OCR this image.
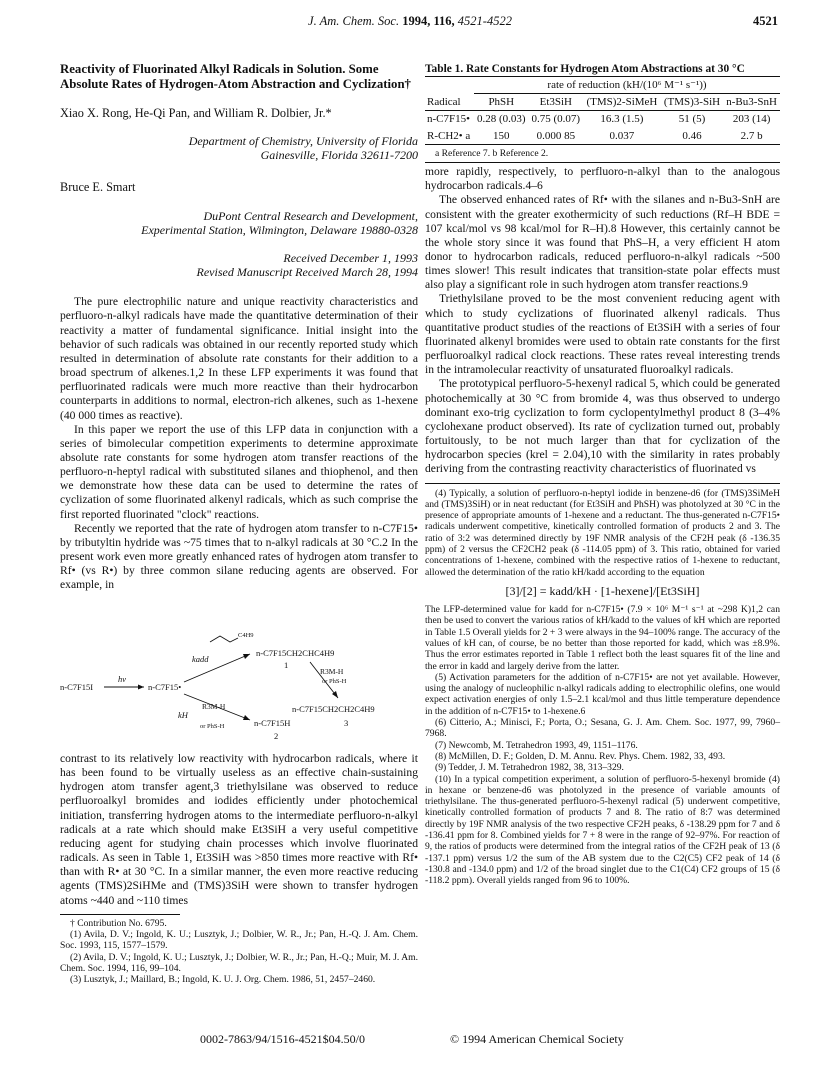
J. Am. Chem. Soc. 1994, 116, 4521-4522	4521

Reactivity of Fluorinated Alkyl Radicals in Solution. Some Absolute Rates of Hydrogen-Atom Abstraction and Cyclization†

Xiao X. Rong, He-Qi Pan, and William R. Dolbier, Jr.*

Department of Chemistry, University of Florida

Gainesville, Florida 32611-7200

Bruce E. Smart

DuPont Central Research and Development,

Experimental Station, Wilmington, Delaware 19880-0328

Received December 1, 1993

Revised Manuscript Received March 28, 1994

The pure electrophilic nature and unique reactivity characteristics and perfluoro-n-alkyl radicals have made the quantitative determination of their reactivity a matter of fundamental significance. Initial insight into the behavior of such radicals was obtained in our recently reported study which resulted in determination of absolute rate constants for their addition to a broad spectrum of alkenes.1,2 In these LFP experiments it was found that perfluorinated radicals were much more reactive than their hydrocarbon counterparts in additions to normal, electron-rich alkenes, such as 1-hexene (40 000 times as reactive).

In this paper we report the use of this LFP data in conjunction with a series of bimolecular competition experiments to determine approximate absolute rate constants for some hydrogen atom transfer reactions of the perfluoro-n-heptyl radical with substituted silanes and thiophenol, and then we demonstrate how these data can be used to determine the rates of cyclization of some fluorinated alkenyl radicals, which as such comprise the first reported fluorinated "clock" reactions.

Recently we reported that the rate of hydrogen atom transfer to n-C7F15• by tributyltin hydride was ~75 times that to n-alkyl radicals at 30 °C.2 In the present work even more greatly enhanced rates of hydrogen atom transfer to Rf• (vs R•) by three common silane reducing agents are observed. For example, in

n-C7F15I
hν
n-C7F15•
kadd
C4H9
n-C7F15CH2CHC4H9
1
R3M-H
or PhS-H
n-C7F15CH2CH2C4H9
3
kH
R3M-H
or PhS-H	n-C7F15H
2

contrast to its relatively low reactivity with hydrocarbon radicals, where it has been found to be virtually useless as an effective chain-sustaining hydrogen atom transfer agent,3 triethylsilane was observed to reduce perfluoroalkyl bromides and iodides efficiently under photochemical initiation, transferring hydrogen atoms to the intermediate perfluoro-n-alkyl radicals at a rate which should make Et3SiH a very useful competitive reducing agent for studying chain processes which involve fluorinated radicals. As seen in Table 1, Et3SiH was >850 times more reactive with Rf• than with R• at 30 °C. In a similar manner, the even more reactive reducing agents (TMS)2SiHMe and (TMS)3SiH were shown to transfer hydrogen atoms ~440 and ~110 times

† Contribution No. 6795.

(1) Avila, D. V.; Ingold, K. U.; Lusztyk, J.; Dolbier, W. R., Jr.; Pan, H.-Q. J. Am. Chem. Soc. 1993, 115, 1577–1579.

(2) Avila, D. V.; Ingold, K. U.; Lusztyk, J.; Dolbier, W. R., Jr.; Pan, H.-Q.; Muir, M. J. Am. Chem. Soc. 1994, 116, 99–104.

(3) Lusztyk, J.; Maillard, B.; Ingold, K. U. J. Org. Chem. 1986, 51, 2457–2460.

Table 1. Rate Constants for Hydrogen Atom Abstractions at 30 °C

	rate of reduction (kH/(10⁶ M⁻¹ s⁻¹))				
Radical	PhSH	Et3SiH	(TMS)2-SiMeH	(TMS)3-SiH	n-Bu3-SnH
n-C7F15•	0.28 (0.03)	0.75 (0.07)	16.3 (1.5)	51 (5)	203 (14)
R-CH2• a	150	0.000 85	0.037	0.46	2.7 b

a Reference 7. b Reference 2.

more rapidly, respectively, to perfluoro-n-alkyl than to the analogous hydrocarbon radicals.4–6

The observed enhanced rates of Rf• with the silanes and n-Bu3-SnH are consistent with the greater exothermicity of such reductions (Rf–H BDE = 107 kcal/mol vs 98 kcal/mol for R–H).8 However, this certainly cannot be the whole story since it was found that PhS–H, a very efficient H atom donor to hydrocarbon radicals, reduced perfluoro-n-alkyl radicals ~500 times slower! This result indicates that transition-state polar effects must also play a significant role in such hydrogen atom transfer reactions.9

Triethylsilane proved to be the most convenient reducing agent with which to study cyclizations of fluorinated alkenyl radicals. Thus quantitative product studies of the reactions of Et3SiH with a series of four fluorinated alkenyl bromides were used to obtain rate constants for the first perfluoroalkyl radical clock reactions. These rates reveal interesting trends in the intramolecular reactivity of unsaturated fluoroalkyl radicals.

The prototypical perfluoro-5-hexenyl radical 5, which could be generated photochemically at 30 °C from bromide 4, was thus observed to undergo dominant exo-trig cyclization to form cyclopentylmethyl product 8 (3–4% cyclohexane product observed). Its rate of cyclization turned out, probably fortuitously, to be not much larger than that for cyclization of the hydrocarbon species (krel = 2.04),10 with the similarity in rates probably deriving from the contrasting reactivity characteristics of fluorinated vs

(4) Typically, a solution of perfluoro-n-heptyl iodide in benzene-d6 (for (TMS)3SiMeH and (TMS)3SiH) or in neat reductant (for Et3SiH and PhSH) was photolyzed at 30 °C in the presence of appropriate amounts of 1-hexene and a reductant. The thus-generated n-C7F15• radicals underwent competitive, kinetically controlled formation of products 2 and 3. The ratio of 3:2 was determined directly by 19F NMR analysis of the CF2H peak (δ -136.35 ppm) of 2 versus the CF2CH2 peak (δ -114.05 ppm) of 3. This ratio, obtained for varied concentrations of 1-hexene, combined with the respective ratios of 1-hexene to reductant, allowed the determination of the ratio kH/kadd according to the equation

[3]/[2] = kadd/kH · [1-hexene]/[Et3SiH]

The LFP-determined value for kadd for n-C7F15• (7.9 × 10⁶ M⁻¹ s⁻¹ at ~298 K)1,2 can then be used to convert the various ratios of kH/kadd to the values of kH which are reported in Table 1.5 Overall yields for 2 + 3 were always in the 94–100% range. The accuracy of the values of kH can, of course, be no better than those reported for kadd, which was ±8.9%. Thus the error estimates reported in Table 1 reflect both the least squares fit of the line and the error in kadd and largely derive from the latter.

(5) Activation parameters for the addition of n-C7F15• are not yet available. However, using the analogy of nucleophilic n-alkyl radicals adding to electrophilic olefins, one would expect activation energies of only 1.5–2.1 kcal/mol and thus little temperature dependence in the addition of n-C7F15• to 1-hexene.6

(6) Citterio, A.; Minisci, F.; Porta, O.; Sesana, G. J. Am. Chem. Soc. 1977, 99, 7960–7968.

(7) Newcomb, M. Tetrahedron 1993, 49, 1151–1176.

(8) McMillen, D. F.; Golden, D. M. Annu. Rev. Phys. Chem. 1982, 33, 493.

(9) Tedder, J. M. Tetrahedron 1982, 38, 313–329.

(10) In a typical competition experiment, a solution of perfluoro-5-hexenyl bromide (4) in hexane or benzene-d6 was photolyzed in the presence of variable amounts of triethylsilane. The thus-generated perfluoro-5-hexenyl radical (5) underwent competitive, kinetically controlled formation of products 7 and 8. The ratio of 8:7 was determined directly by 19F NMR analysis of the two respective CF2H peaks, δ -138.29 ppm for 7 and δ -136.41 ppm for 8. Combined yields for 7 + 8 were in the range of 92–97%. For reaction of 9, the ratios of products were determined from the integral ratios of the CF2H peak of 13 (δ -137.1 ppm) versus 1/2 the sum of the AB system due to the C2(C5) CF2 peak of 14 (δ -130.8 and -134.0 ppm) and 1/2 of the broad singlet due to the C1(C4) CF2 groups of 15 (δ -118.2 ppm). Overall yields ranged from 96 to 100%.

0002-7863/94/1516-4521$04.50/0	© 1994 American Chemical Society
